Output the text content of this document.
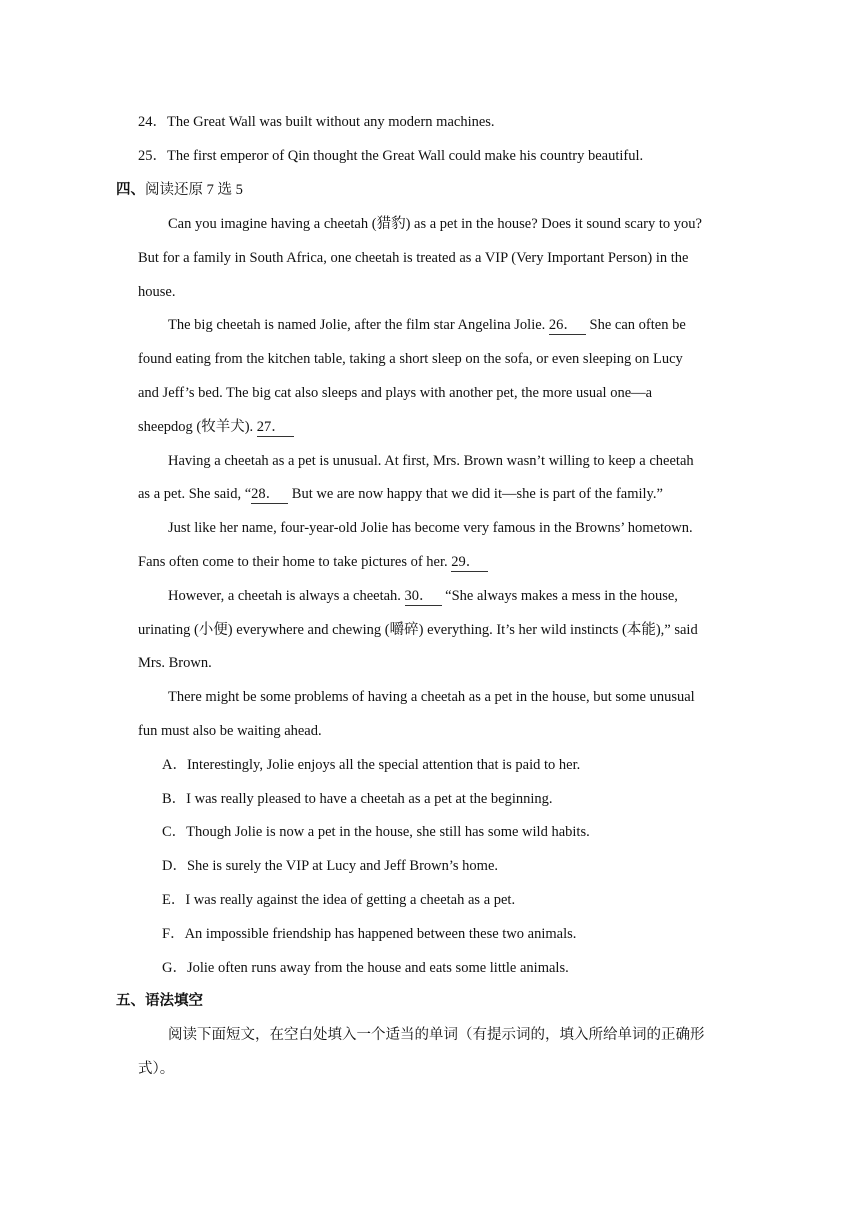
24．The Great Wall was built without any modern machines.
25．The first emperor of Qin thought the Great Wall could make his country beautiful.
四、阅读还原 7 选 5
Can you imagine having a cheetah (猎豹) as a pet in the house? Does it sound scary to you?
But for a family in South Africa, one cheetah is treated as a VIP (Very Important Person) in the
house.
The big cheetah is named Jolie, after the film star Angelina Jolie. 26． She can often be
found eating from the kitchen table, taking a short sleep on the sofa, or even sleeping on Lucy
and Jeff’s bed. The big cat also sleeps and plays with another pet, the more usual one—a
sheepdog (牧羊犬). 27．
Having a cheetah as a pet is unusual. At first, Mrs. Brown wasn’t willing to keep a cheetah
as a pet. She said, “28． But we are now happy that we did it—she is part of the family.”
Just like her name, four-year-old Jolie has become very famous in the Browns’ hometown.
Fans often come to their home to take pictures of her. 29．
However, a cheetah is always a cheetah. 30． “She always makes a mess in the house,
urinating (小便) everywhere and chewing (嚼碎) everything. It’s her wild instincts (本能),” said
Mrs. Brown.
There might be some problems of having a cheetah as a pet in the house, but some unusual
fun must also be waiting ahead.
A．Interestingly, Jolie enjoys all the special attention that is paid to her.
B．I was really pleased to have a cheetah as a pet at the beginning.
C．Though Jolie is now a pet in the house, she still has some wild habits.
D．She is surely the VIP at Lucy and Jeff Brown’s home.
E．I was really against the idea of getting a cheetah as a pet.
F．An impossible friendship has happened between these two animals.
G．Jolie often runs away from the house and eats some little animals.
五、语法填空
阅读下面短文，在空白处填入一个适当的单词（有提示词的，填入所给单词的正确形
式）。
